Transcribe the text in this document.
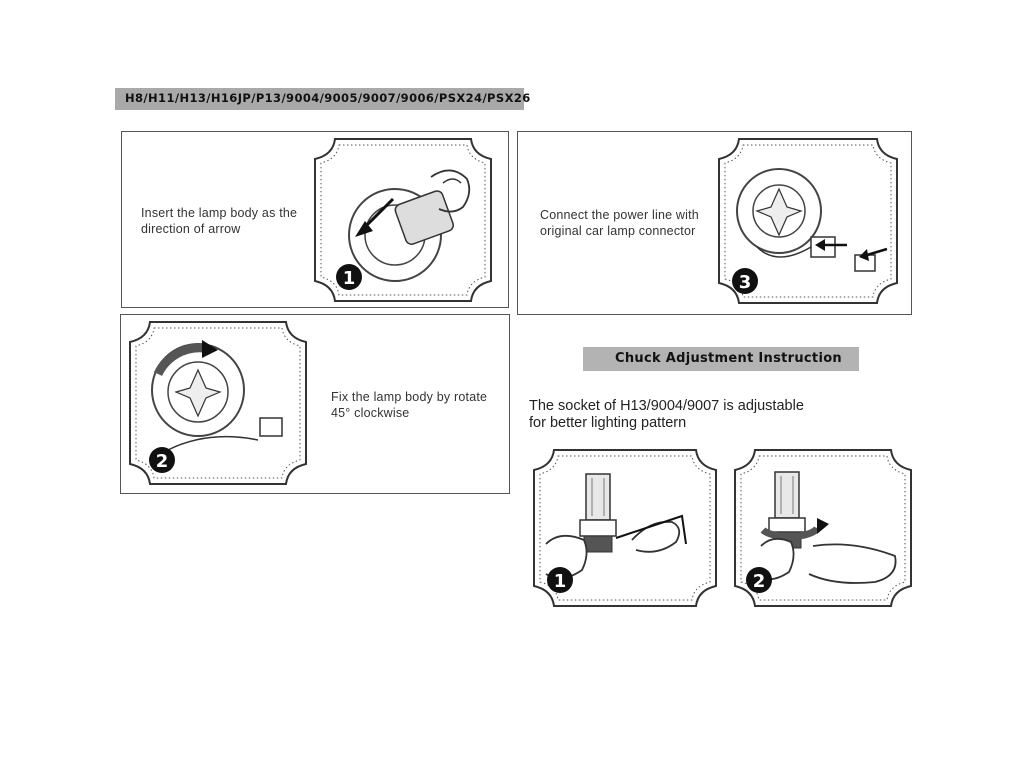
H8/H11/H13/H16JP/P13/9004/9005/9007/9006/PSX24/PSX26
Insert the lamp body as the
direction of arrow
1
Connect the power line with
original car lamp connector
3
Fix the lamp body by rotate
45° clockwise
2
Chuck Adjustment Instruction
The socket of H13/9004/9007 is adjustable
for better lighting pattern
1	2
